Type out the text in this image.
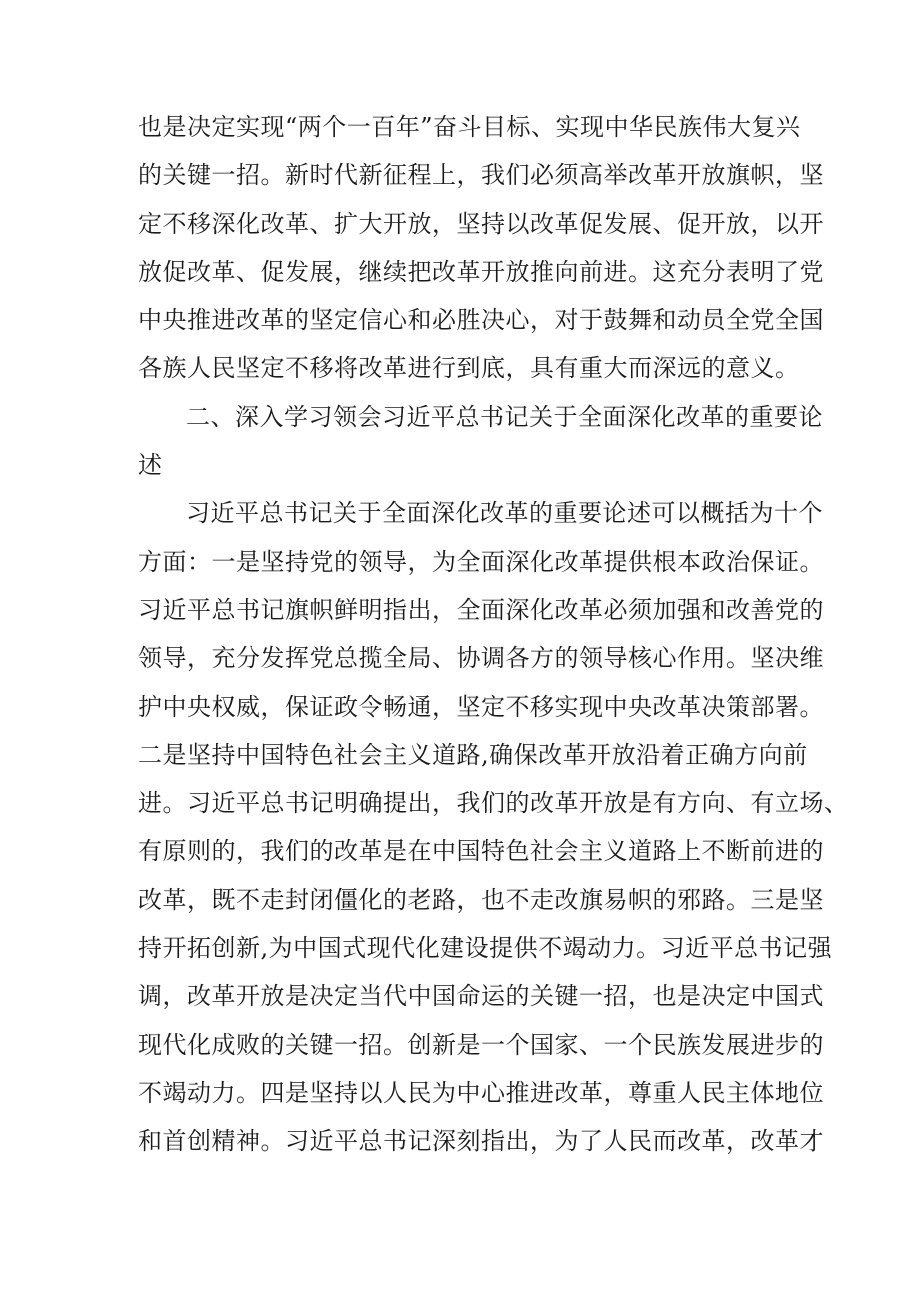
也是决定实现“两个一百年”奋斗目标、实现中华民族伟大复兴
的关键一招。新时代新征程上，我们必须高举改革开放旗帜，坚
定不移深化改革、扩大开放，坚持以改革促发展、促开放，以开
放促改革、促发展，继续把改革开放推向前进。这充分表明了党
中央推进改革的坚定信心和必胜决心，对于鼓舞和动员全党全国
各族人民坚定不移将改革进行到底，具有重大而深远的意义。
二、深入学习领会习近平总书记关于全面深化改革的重要论
述
习近平总书记关于全面深化改革的重要论述可以概括为十个
方面：一是坚持党的领导，为全面深化改革提供根本政治保证。
习近平总书记旗帜鲜明指出，全面深化改革必须加强和改善党的
领导，充分发挥党总揽全局、协调各方的领导核心作用。坚决维
护中央权威，保证政令畅通，坚定不移实现中央改革决策部署。
二是坚持中国特色社会主义道路,确保改革开放沿着正确方向前
进。习近平总书记明确提出，我们的改革开放是有方向、有立场、
有原则的，我们的改革是在中国特色社会主义道路上不断前进的
改革，既不走封闭僵化的老路，也不走改旗易帜的邪路。三是坚
持开拓创新,为中国式现代化建设提供不竭动力。习近平总书记强
调，改革开放是决定当代中国命运的关键一招，也是决定中国式
现代化成败的关键一招。创新是一个国家、一个民族发展进步的
不竭动力。四是坚持以人民为中心推进改革，尊重人民主体地位
和首创精神。习近平总书记深刻指出，为了人民而改革，改革才
